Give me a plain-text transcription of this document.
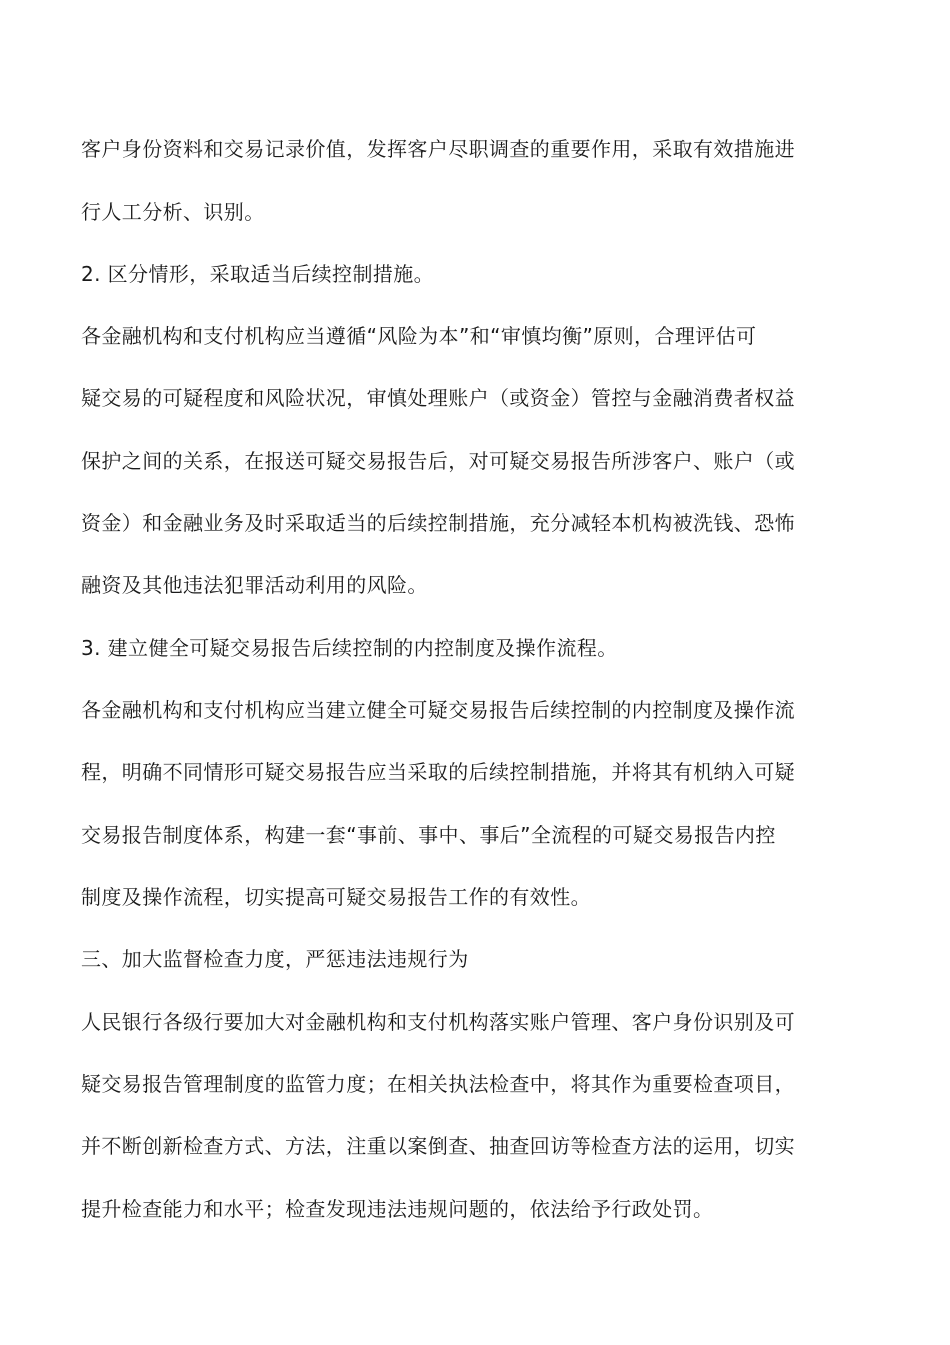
客户身份资料和交易记录价值，发挥客户尽职调查的重要作用，采取有效措施进
行人工分析、识别。
2. 区分情形，采取适当后续控制措施。
各金融机构和支付机构应当遵循“风险为本”和“审慎均衡”原则，合理评估可
疑交易的可疑程度和风险状况，审慎处理账户（或资金）管控与金融消费者权益
保护之间的关系，在报送可疑交易报告后，对可疑交易报告所涉客户、账户（或
资金）和金融业务及时采取适当的后续控制措施，充分减轻本机构被洗钱、恐怖
融资及其他违法犯罪活动利用的风险。
3. 建立健全可疑交易报告后续控制的内控制度及操作流程。
各金融机构和支付机构应当建立健全可疑交易报告后续控制的内控制度及操作流
程，明确不同情形可疑交易报告应当采取的后续控制措施，并将其有机纳入可疑
交易报告制度体系，构建一套“事前、事中、事后”全流程的可疑交易报告内控
制度及操作流程，切实提高可疑交易报告工作的有效性。
三、加大监督检查力度，严惩违法违规行为
人民银行各级行要加大对金融机构和支付机构落实账户管理、客户身份识别及可
疑交易报告管理制度的监管力度；在相关执法检查中，将其作为重要检查项目，
并不断创新检查方式、方法，注重以案倒查、抽查回访等检查方法的运用，切实
提升检查能力和水平；检查发现违法违规问题的，依法给予行政处罚。
